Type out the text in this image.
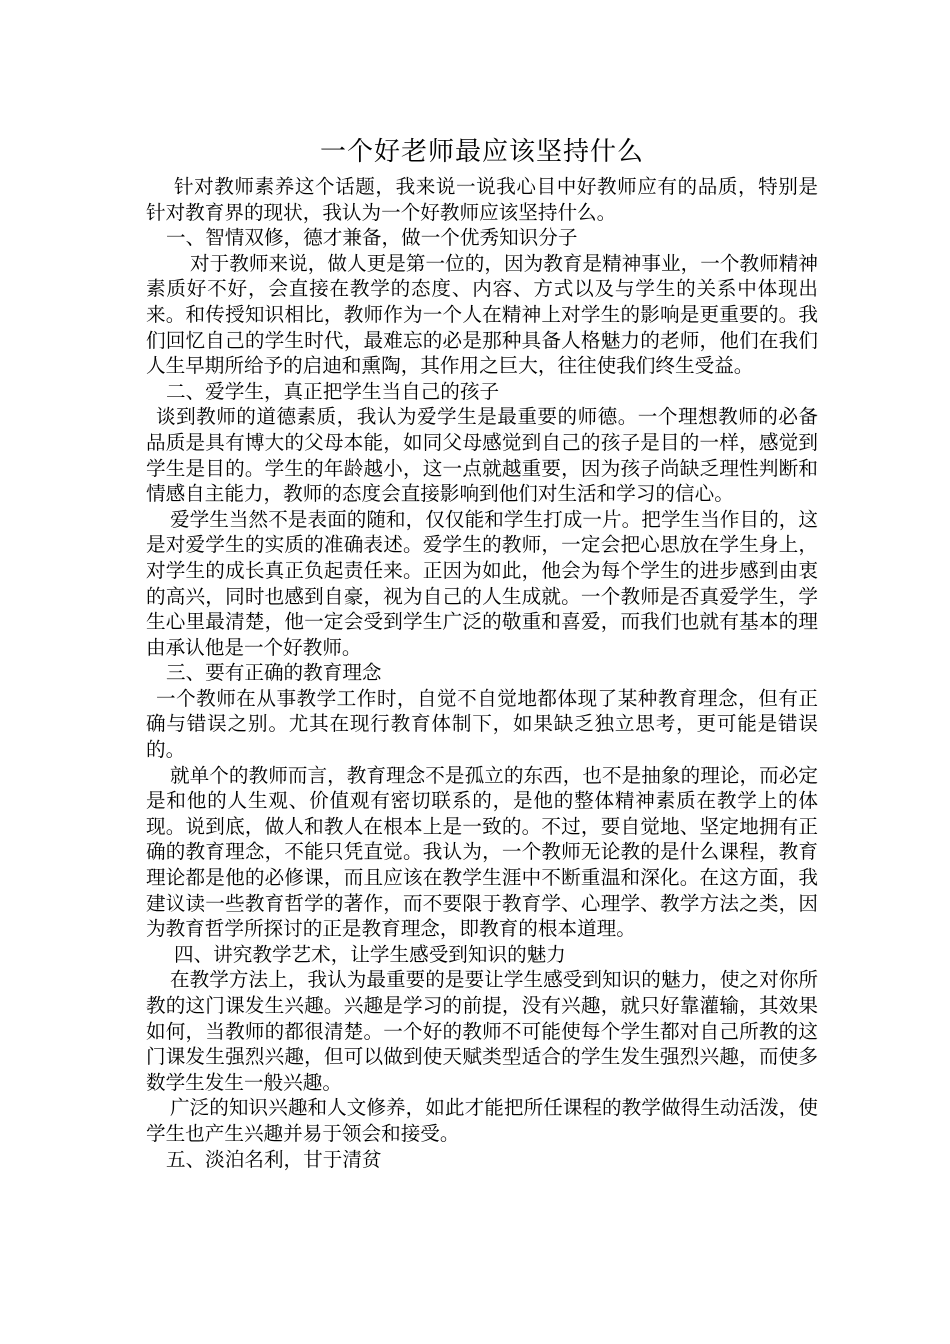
一个好老师最应该坚持什么

针对教师素养这个话题，我来说一说我心目中好教师应有的品质，特别是针对教育界的现状，我认为一个好教师应该坚持什么。

一、智情双修，德才兼备，做一个优秀知识分子

对于教师来说，做人更是第一位的，因为教育是精神事业，一个教师精神素质好不好，会直接在教学的态度、内容、方式以及与学生的关系中体现出来。和传授知识相比，教师作为一个人在精神上对学生的影响是更重要的。我们回忆自己的学生时代，最难忘的必是那种具备人格魅力的老师，他们在我们人生早期所给予的启迪和熏陶，其作用之巨大，往往使我们终生受益。

二、爱学生，真正把学生当自己的孩子

谈到教师的道德素质，我认为爱学生是最重要的师德。一个理想教师的必备品质是具有博大的父母本能，如同父母感觉到自己的孩子是目的一样，感觉到学生是目的。学生的年龄越小，这一点就越重要，因为孩子尚缺乏理性判断和情感自主能力，教师的态度会直接影响到他们对生活和学习的信心。

爱学生当然不是表面的随和，仅仅能和学生打成一片。把学生当作目的，这是对爱学生的实质的准确表述。爱学生的教师，一定会把心思放在学生身上，对学生的成长真正负起责任来。正因为如此，他会为每个学生的进步感到由衷的高兴，同时也感到自豪，视为自己的人生成就。一个教师是否真爱学生，学生心里最清楚，他一定会受到学生广泛的敬重和喜爱，而我们也就有基本的理由承认他是一个好教师。

三、要有正确的教育理念

一个教师在从事教学工作时，自觉不自觉地都体现了某种教育理念，但有正确与错误之别。尤其在现行教育体制下，如果缺乏独立思考，更可能是错误的。

就单个的教师而言，教育理念不是孤立的东西，也不是抽象的理论，而必定是和他的人生观、价值观有密切联系的，是他的整体精神素质在教学上的体现。说到底，做人和教人在根本上是一致的。不过，要自觉地、坚定地拥有正确的教育理念，不能只凭直觉。我认为，一个教师无论教的是什么课程，教育理论都是他的必修课，而且应该在教学生涯中不断重温和深化。在这方面，我建议读一些教育哲学的著作，而不要限于教育学、心理学、教学方法之类，因为教育哲学所探讨的正是教育理念，即教育的根本道理。

四、讲究教学艺术，让学生感受到知识的魅力

在教学方法上，我认为最重要的是要让学生感受到知识的魅力，使之对你所教的这门课发生兴趣。兴趣是学习的前提，没有兴趣，就只好靠灌输，其效果如何，当教师的都很清楚。一个好的教师不可能使每个学生都对自己所教的这门课发生强烈兴趣，但可以做到使天赋类型适合的学生发生强烈兴趣，而使多数学生发生一般兴趣。

广泛的知识兴趣和人文修养，如此才能把所任课程的教学做得生动活泼，使学生也产生兴趣并易于领会和接受。

五、淡泊名利，甘于清贫
